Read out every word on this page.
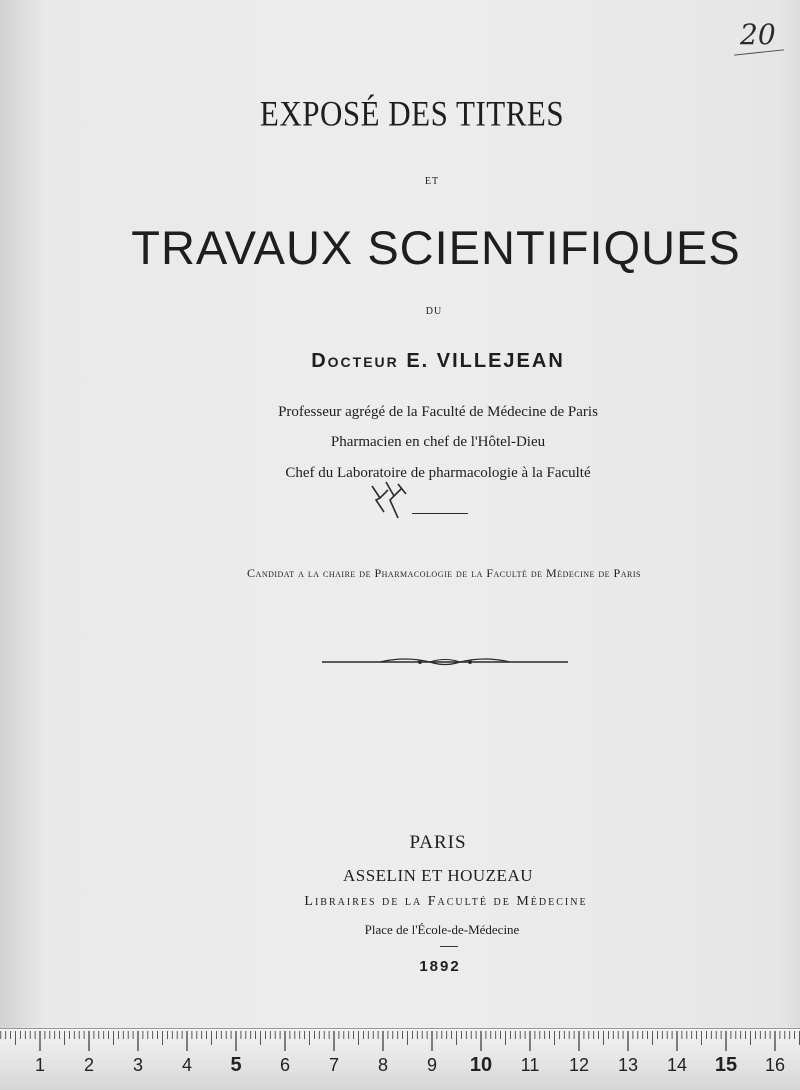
20
EXPOSÉ DES TITRES
ET
TRAVAUX SCIENTIFIQUES
DU
Docteur E. VILLEJEAN
Professeur agrégé de la Faculté de Médecine de Paris
Pharmacien en chef de l'Hôtel-Dieu
Chef du Laboratoire de pharmacologie à la Faculté
Candidat a la chaire de Pharmacologie de la Faculté de Médecine de Paris
PARIS
ASSELIN ET HOUZEAU
Libraires de la Faculté de Médecine
Place de l'École-de-Médecine
1892
1 2 3 4 5 6 7 8 9 10 11 12 13 14 15 16
